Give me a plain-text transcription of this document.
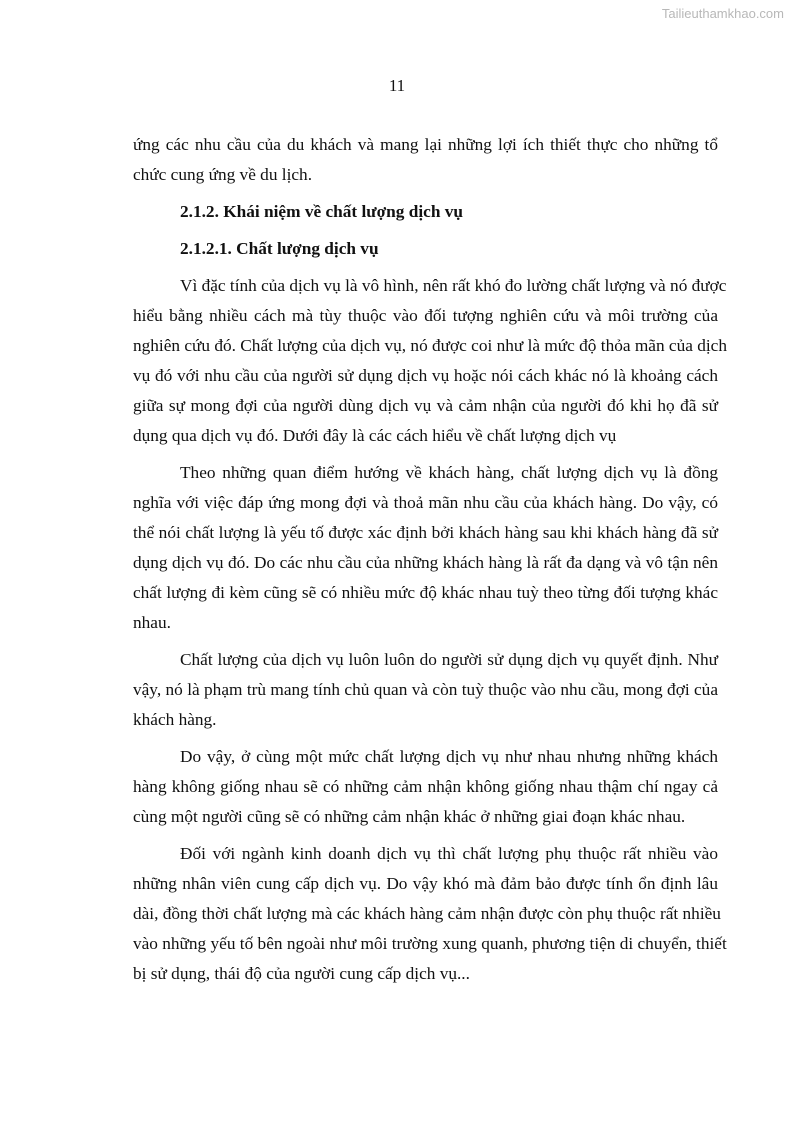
Tailieuthamkhao.com
11
ứng các nhu cầu của du khách và mang lại những lợi ích thiết thực cho những tổ
chức cung ứng về du lịch.
2.1.2. Khái niệm về chất lượng dịch vụ
2.1.2.1. Chất lượng dịch vụ
Vì đặc tính của dịch vụ là vô hình, nên rất khó đo lường chất lượng và nó được
hiểu bằng nhiều cách mà tùy thuộc vào đối tượng nghiên cứu và môi trường của
nghiên cứu đó. Chất lượng của dịch vụ, nó được coi như là mức độ thỏa mãn của dịch
vụ đó với nhu cầu của người sử dụng dịch vụ hoặc nói cách khác nó là khoảng cách
giữa sự mong đợi của người dùng dịch vụ và cảm nhận của người đó khi họ đã sử
dụng qua dịch vụ đó. Dưới đây là các cách hiểu về chất lượng dịch vụ
Theo những quan điểm hướng về khách hàng, chất lượng dịch vụ là đồng
nghĩa với việc đáp ứng mong đợi và thoả mãn nhu cầu của khách hàng. Do vậy, có
thể nói chất lượng là yếu tố được xác định bởi khách hàng sau khi khách hàng đã sử
dụng dịch vụ đó. Do các nhu cầu của những khách hàng là rất đa dạng và vô tận nên
chất lượng đi kèm cũng sẽ có nhiều mức độ khác nhau tuỳ theo từng đối tượng khác
nhau.
Chất lượng của dịch vụ luôn luôn do người sử dụng dịch vụ quyết định. Như
vậy, nó là phạm trù mang tính chủ quan và còn tuỳ thuộc vào nhu cầu, mong đợi của
khách hàng.
Do vậy, ở cùng một mức chất lượng dịch vụ như nhau nhưng những khách
hàng không giống nhau sẽ có những cảm nhận không giống nhau thậm chí ngay cả
cùng một người cũng sẽ có những cảm nhận khác ở những giai đoạn khác nhau.
Đối với ngành kinh doanh dịch vụ thì chất lượng phụ thuộc rất nhiều vào
những nhân viên cung cấp dịch vụ. Do vậy khó mà đảm bảo được tính ổn định lâu
dài, đồng thời chất lượng mà các khách hàng cảm nhận được còn phụ thuộc rất nhiều
vào những yếu tố bên ngoài như môi trường xung quanh, phương tiện di chuyển, thiết
bị sử dụng, thái độ của người cung cấp dịch vụ...
